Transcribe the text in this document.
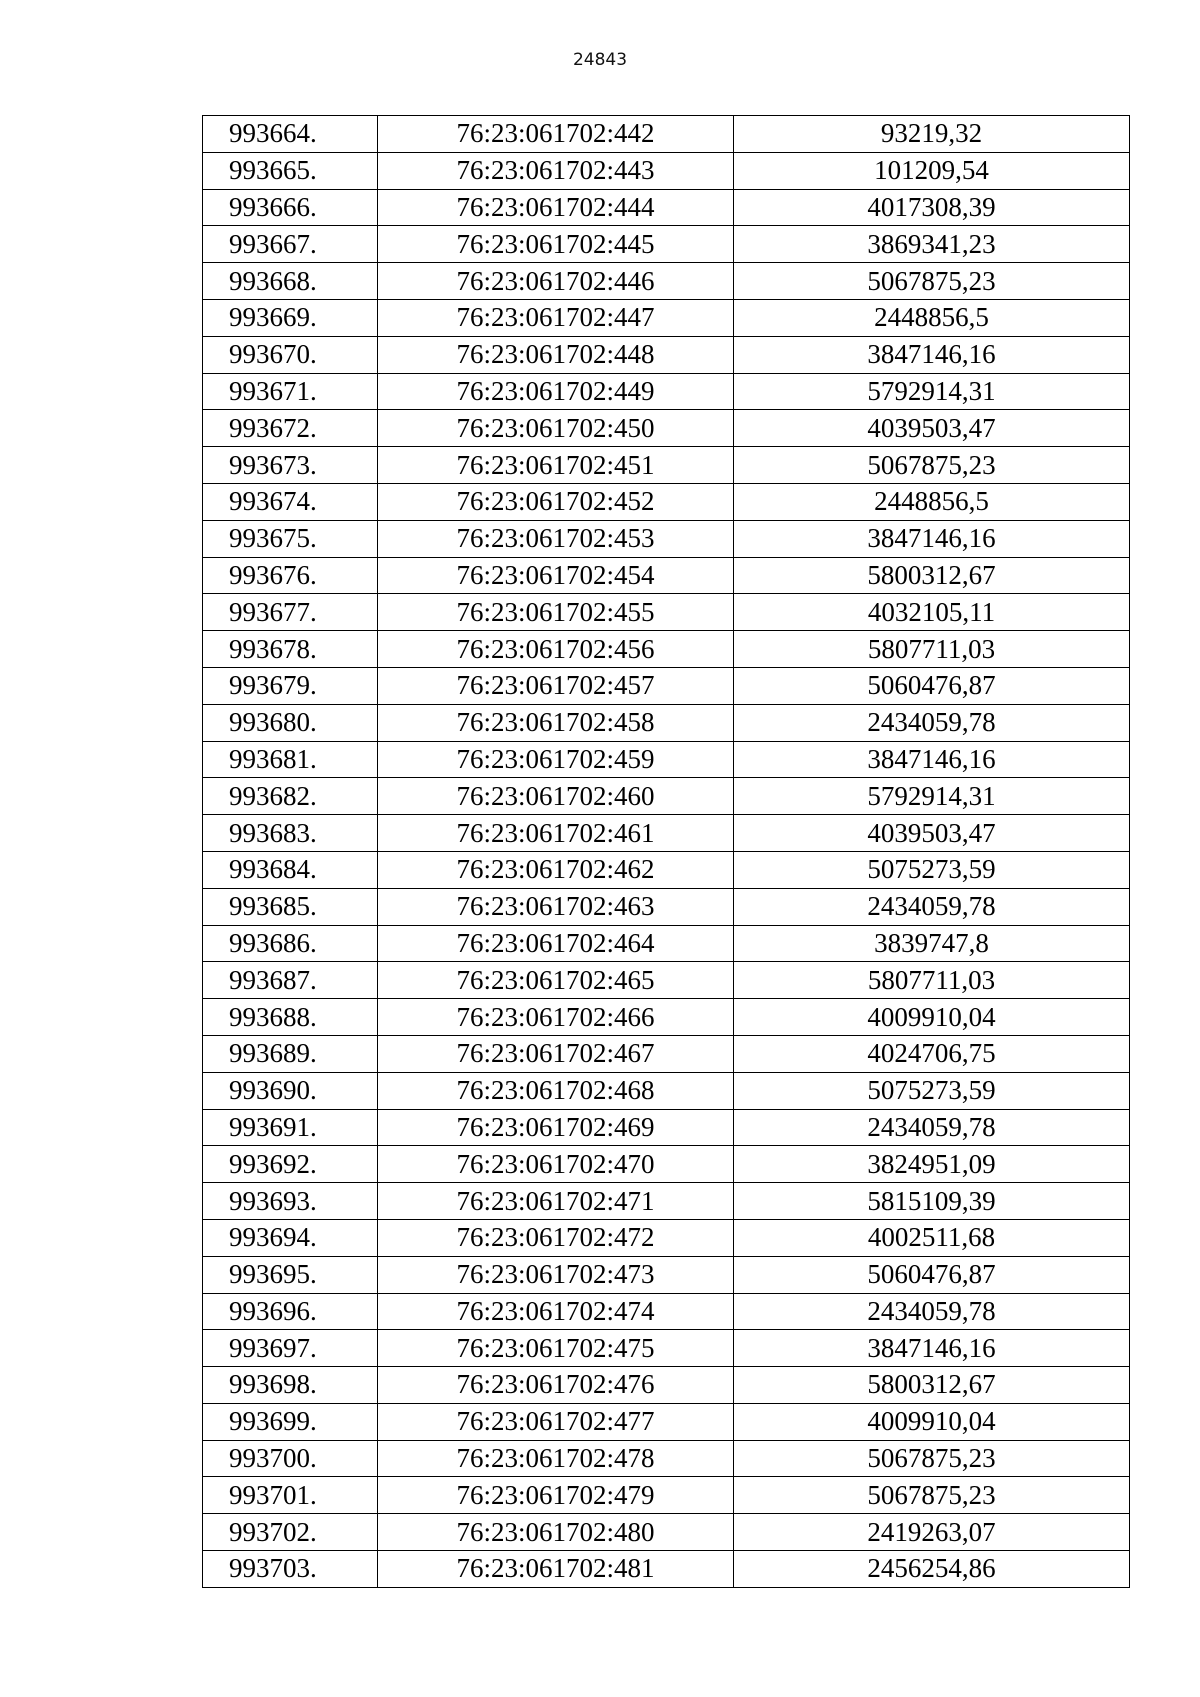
24843
993664.	76:23:061702:442	93219,32
993665.	76:23:061702:443	101209,54
993666.	76:23:061702:444	4017308,39
993667.	76:23:061702:445	3869341,23
993668.	76:23:061702:446	5067875,23
993669.	76:23:061702:447	2448856,5
993670.	76:23:061702:448	3847146,16
993671.	76:23:061702:449	5792914,31
993672.	76:23:061702:450	4039503,47
993673.	76:23:061702:451	5067875,23
993674.	76:23:061702:452	2448856,5
993675.	76:23:061702:453	3847146,16
993676.	76:23:061702:454	5800312,67
993677.	76:23:061702:455	4032105,11
993678.	76:23:061702:456	5807711,03
993679.	76:23:061702:457	5060476,87
993680.	76:23:061702:458	2434059,78
993681.	76:23:061702:459	3847146,16
993682.	76:23:061702:460	5792914,31
993683.	76:23:061702:461	4039503,47
993684.	76:23:061702:462	5075273,59
993685.	76:23:061702:463	2434059,78
993686.	76:23:061702:464	3839747,8
993687.	76:23:061702:465	5807711,03
993688.	76:23:061702:466	4009910,04
993689.	76:23:061702:467	4024706,75
993690.	76:23:061702:468	5075273,59
993691.	76:23:061702:469	2434059,78
993692.	76:23:061702:470	3824951,09
993693.	76:23:061702:471	5815109,39
993694.	76:23:061702:472	4002511,68
993695.	76:23:061702:473	5060476,87
993696.	76:23:061702:474	2434059,78
993697.	76:23:061702:475	3847146,16
993698.	76:23:061702:476	5800312,67
993699.	76:23:061702:477	4009910,04
993700.	76:23:061702:478	5067875,23
993701.	76:23:061702:479	5067875,23
993702.	76:23:061702:480	2419263,07
993703.	76:23:061702:481	2456254,86
